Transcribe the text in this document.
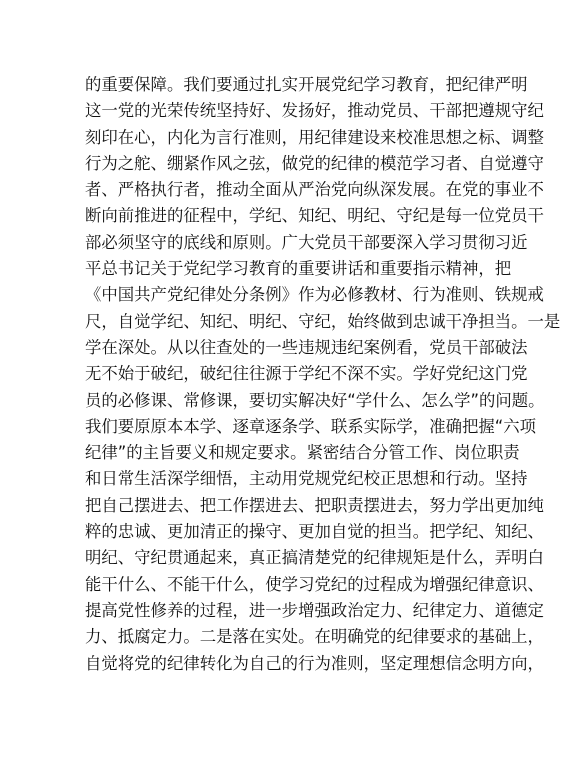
的重要保障。我们要通过扎实开展党纪学习教育，把纪律严明
这一党的光荣传统坚持好、发扬好，推动党员、干部把遵规守纪
刻印在心，内化为言行准则，用纪律建设来校准思想之标、调整
行为之舵、绷紧作风之弦，做党的纪律的模范学习者、自觉遵守
者、严格执行者，推动全面从严治党向纵深发展。在党的事业不
断向前推进的征程中，学纪、知纪、明纪、守纪是每一位党员干
部必须坚守的底线和原则。广大党员干部要深入学习贯彻习近
平总书记关于党纪学习教育的重要讲话和重要指示精神，把
《中国共产党纪律处分条例》作为必修教材、行为准则、铁规戒
尺，自觉学纪、知纪、明纪、守纪，始终做到忠诚干净担当。一是
学在深处。从以往查处的一些违规违纪案例看，党员干部破法
无不始于破纪，破纪往往源于学纪不深不实。学好党纪这门党
员的必修课、常修课，要切实解决好“学什么、怎么学”的问题。
我们要原原本本学、逐章逐条学、联系实际学，准确把握“六项
纪律”的主旨要义和规定要求。紧密结合分管工作、岗位职责
和日常生活深学细悟，主动用党规党纪校正思想和行动。坚持
把自己摆进去、把工作摆进去、把职责摆进去，努力学出更加纯
粹的忠诚、更加清正的操守、更加自觉的担当。把学纪、知纪、
明纪、守纪贯通起来，真正搞清楚党的纪律规矩是什么，弄明白
能干什么、不能干什么，使学习党纪的过程成为增强纪律意识、
提高党性修养的过程，进一步增强政治定力、纪律定力、道德定
力、抵腐定力。二是落在实处。在明确党的纪律要求的基础上，
自觉将党的纪律转化为自己的行为准则，坚定理想信念明方向，
